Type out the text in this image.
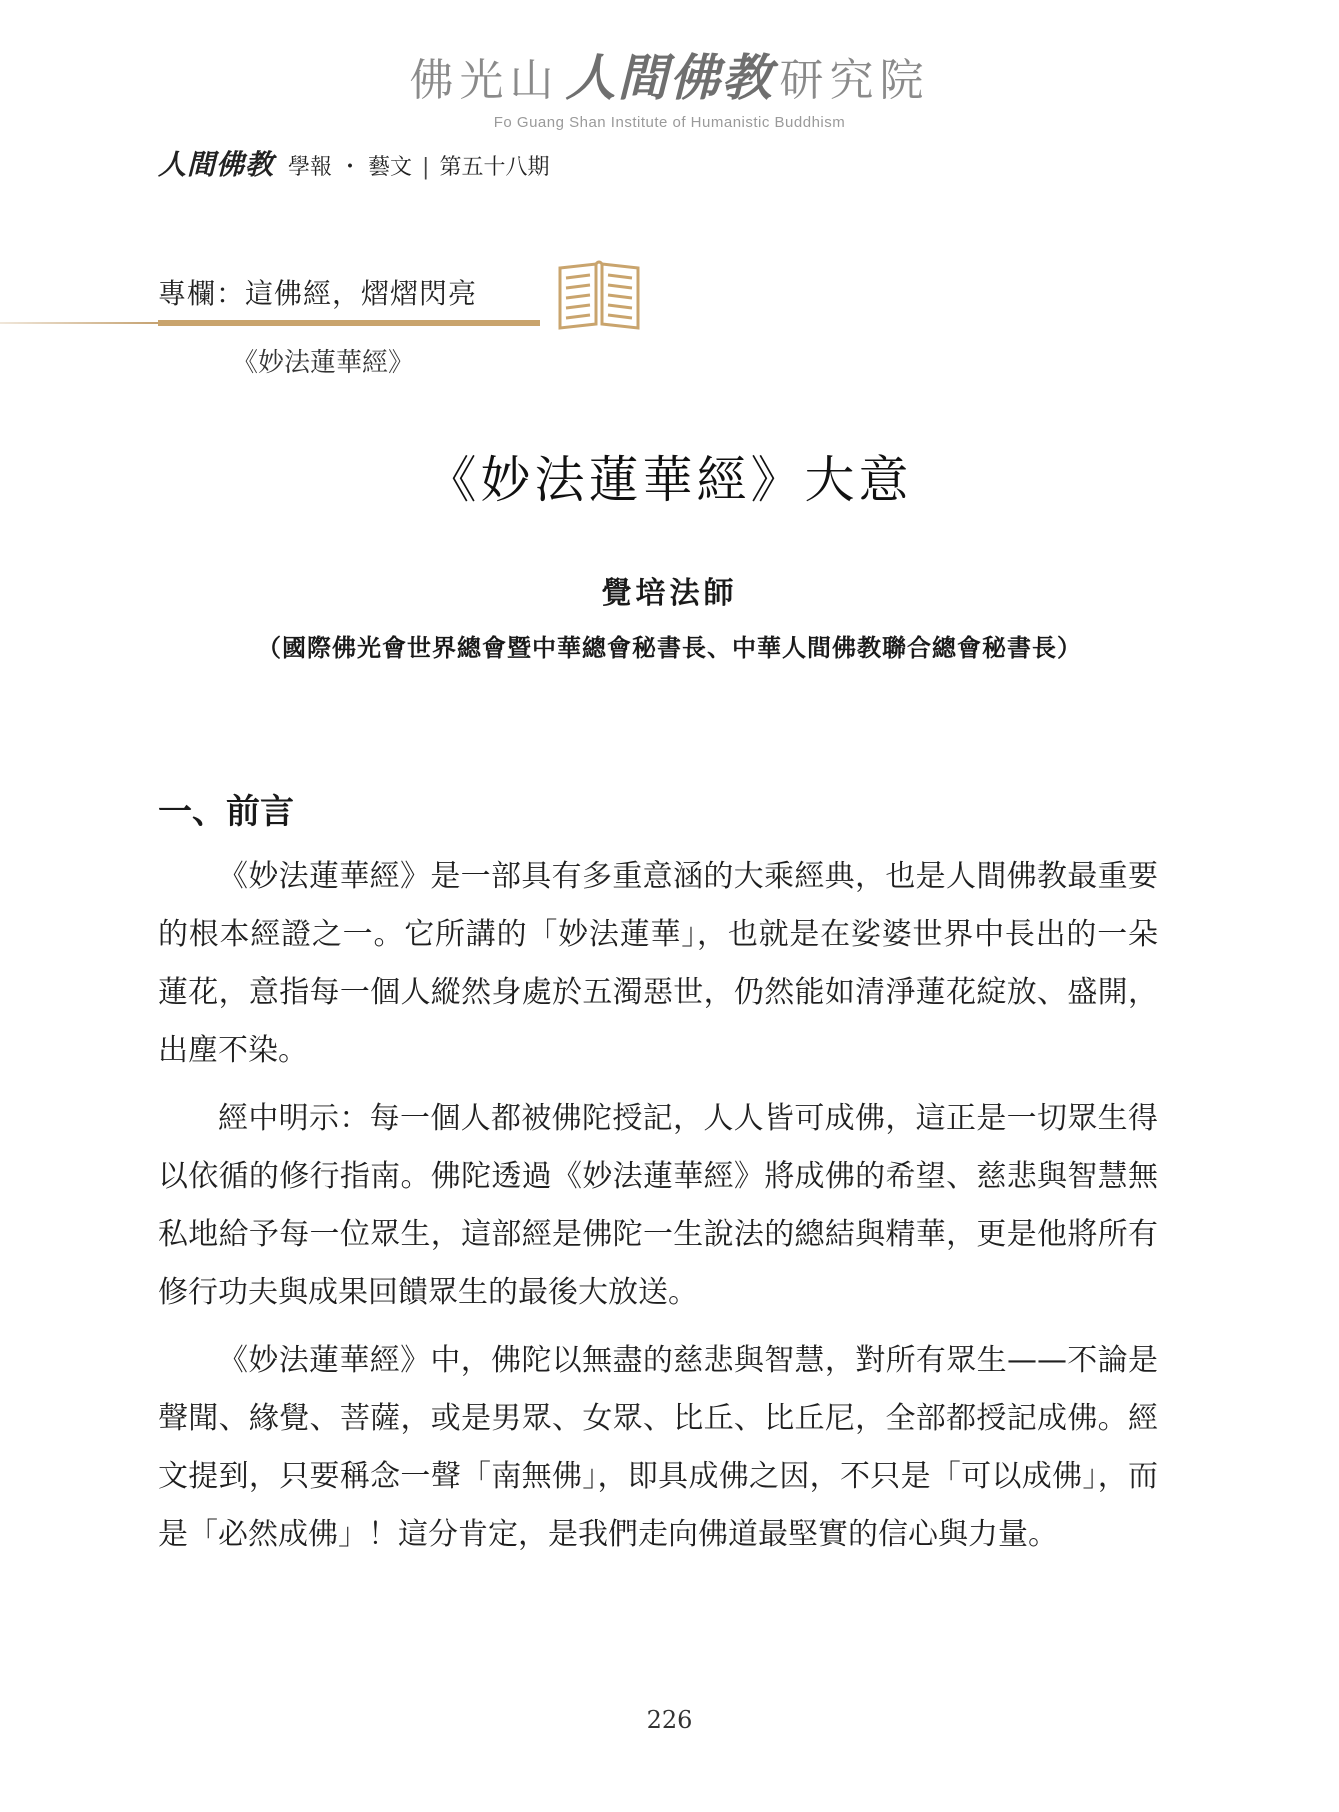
佛光山 人間佛教 研究院
Fo Guang Shan Institute of Humanistic Buddhism
人間佛教 學報 ・ 藝文 | 第五十八期
專欄：這佛經，熠熠閃亮
《妙法蓮華經》
《妙法蓮華經》大意
覺培法師
（國際佛光會世界總會暨中華總會秘書長、中華人間佛教聯合總會秘書長）
一、前言

《妙法蓮華經》是一部具有多重意涵的大乘經典，也是人間佛教最重要的根本經證之一。它所講的「妙法蓮華」，也就是在娑婆世界中長出的一朵蓮花，意指每一個人縱然身處於五濁惡世，仍然能如清淨蓮花綻放、盛開，出塵不染。

經中明示：每一個人都被佛陀授記，人人皆可成佛，這正是一切眾生得以依循的修行指南。佛陀透過《妙法蓮華經》將成佛的希望、慈悲與智慧無私地給予每一位眾生，這部經是佛陀一生說法的總結與精華，更是他將所有修行功夫與成果回饋眾生的最後大放送。

《妙法蓮華經》中，佛陀以無盡的慈悲與智慧，對所有眾生——不論是聲聞、緣覺、菩薩，或是男眾、女眾、比丘、比丘尼，全部都授記成佛。經文提到，只要稱念一聲「南無佛」，即具成佛之因，不只是「可以成佛」，而是「必然成佛」！這分肯定，是我們走向佛道最堅實的信心與力量。

226
